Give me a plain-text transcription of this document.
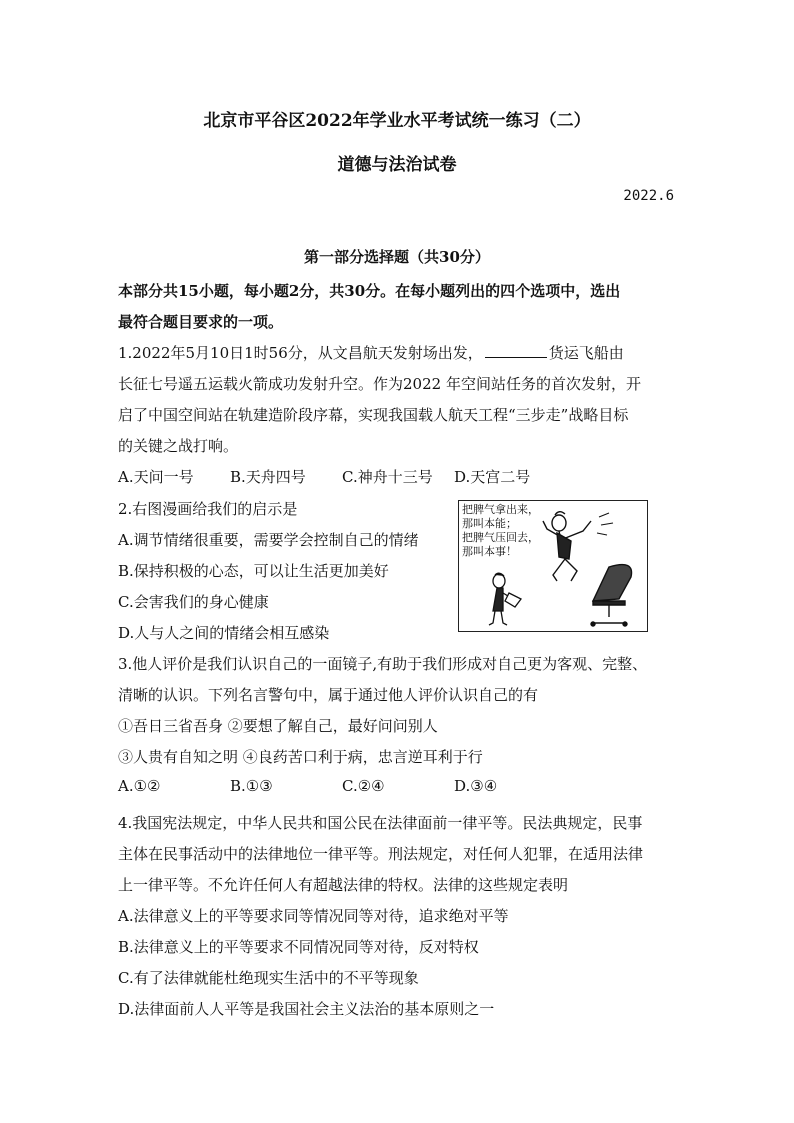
北京市平谷区2022年学业水平考试统一练习（二）
道德与法治试卷
2022.6
第一部分选择题（共30分）
本部分共15小题，每小题2分，共30分。在每小题列出的四个选项中，选出
最符合题目要求的一项。
1.2022年5月10日1时56分，从文昌航天发射场出发，	货运飞船由
长征七号遥五运载火箭成功发射升空。作为2022 年空间站任务的首次发射，开
启了中国空间站在轨建造阶段序幕，实现我国载人航天工程“三步走”战略目标
的关键之战打响。
A.天问一号 B.天舟四号 C.神舟十三号 D.天宫二号
2.右图漫画给我们的启示是
A.调节情绪很重要，需要学会控制自己的情绪
B.保持积极的心态，可以让生活更加美好
C.会害我们的身心健康
D.人与人之间的情绪会相互感染
把脾气拿出来，
那叫本能；
把脾气压回去，
那叫本事！
3.他人评价是我们认识自己的一面镜子,有助于我们形成对自己更为客观、完整、
清晰的认识。下列名言警句中，属于通过他人评价认识自己的有
①吾日三省吾身 ②要想了解自己，最好问问别人
③人贵有自知之明 ④良药苦口利于病，忠言逆耳利于行
A.①②	B.①③	C.②④	D.③④
4.我国宪法规定，中华人民共和国公民在法律面前一律平等。民法典规定，民事
主体在民事活动中的法律地位一律平等。刑法规定，对任何人犯罪，在适用法律
上一律平等。不允许任何人有超越法律的特权。法律的这些规定表明
A.法律意义上的平等要求同等情况同等对待，追求绝对平等
B.法律意义上的平等要求不同情况同等对待，反对特权
C.有了法律就能杜绝现实生活中的不平等现象
D.法律面前人人平等是我国社会主义法治的基本原则之一
